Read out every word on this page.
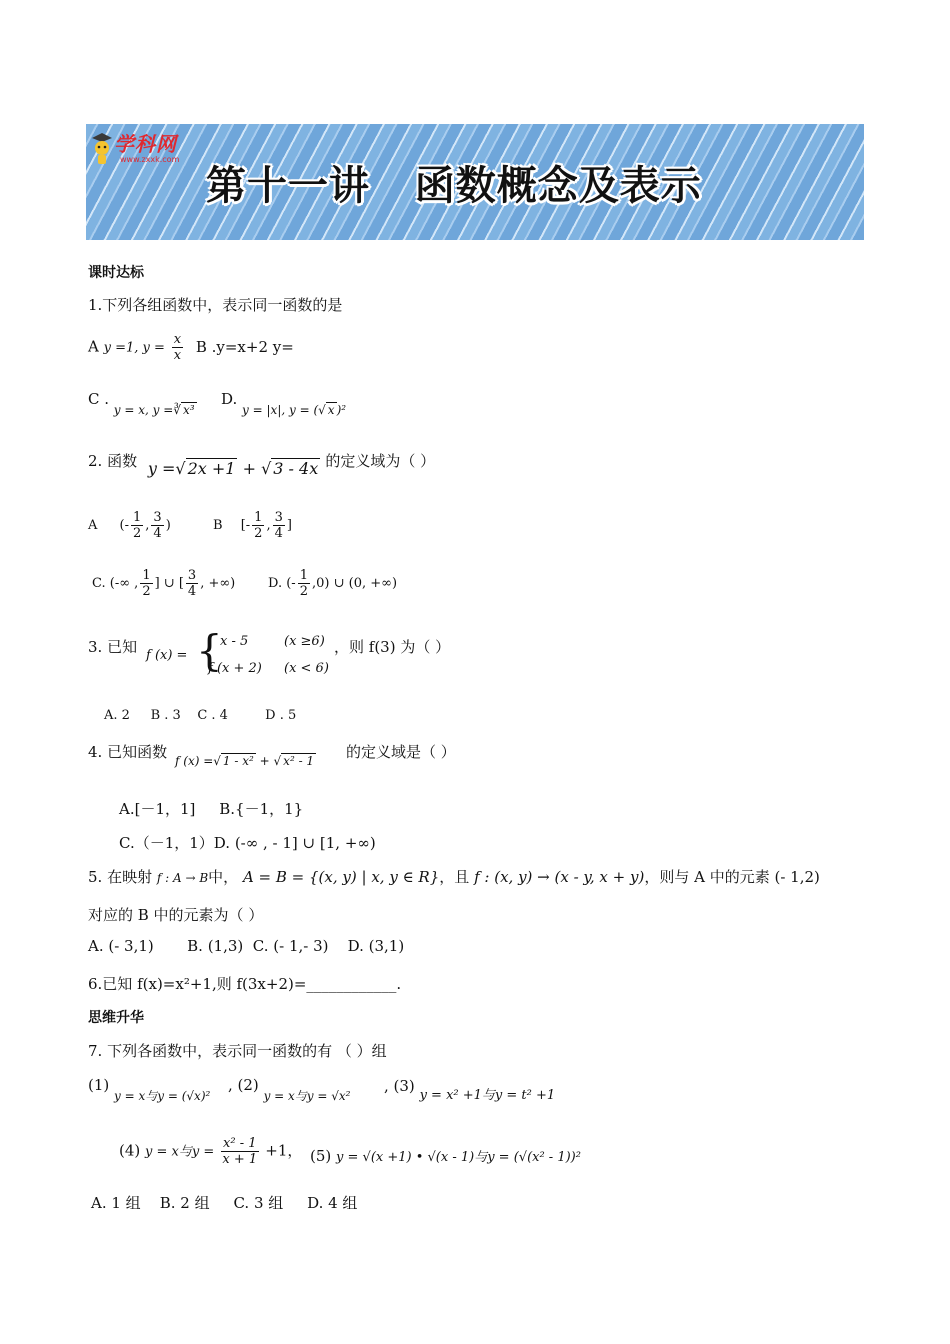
学科网
www.zxxk.com
第十一讲   函数概念及表示
课时达标
1.下列各组函数中，表示同一函数的是
A y =1, $y = \frac{x}{x}$ B .y=x+2 y=
C . $_{y = x, y =∛ x^3}$
D. $_{y = |x|, y = (√ x )^2}$
2. 函数 y =√ 2x +1 + √ 3 - 4x 的定义域为（ ）
A (- $\frac{1}{2}$ , $\frac{3}{4}$ )	B [- $\frac{1}{2}$ , $\frac{3}{4}$ ]
C. (-∞ , $\frac{1}{2}$ ] ∪ [ $\frac{3}{4}$ , +∞)	D. (- $\frac{1}{2} ,0$) ∪ (0, +∞)
3. 已知 f (x) = {
x - 5	(x ≥6)
f (x + 2) (x < 6)
，则 f(3) 为（ ）
A. 2     B . 3    C . 4         D . 5
4. 已知函数 f (x) =√ 1 - x² + √ x² - 1 的定义域是（ ）
A.[－1，1]     B.{－1，1}
C.（－1，1）D. (-∞ , - 1] ∪ [1, +∞)
5. 在映射 f : A → B中， A = B = {(x, y) | x, y ∈ R}，且 f : (x, y) → (x - y, x + y)，则与 A 中的元素 (- 1,2)
对应的 B 中的元素为（ ）
A. (- 3,1)       B. (1,3)  C. (- 1,- 3)    D. (3,1)
6.已知 f(x)=x²+1,则 f(3x+2)=____________.
思维升华
7. 下列各函数中，表示同一函数的有 （ ）组
(1) $_{y = x与y = (√x)^2}$
, (2) $_{y = x与y = √x^2}$
, (3) y = x² +1与y = t² +1
(4) y = x与$y = \frac{\text{x² - 1}}{x + 1} +1$， (5) y = √(x +1) • √(x - 1)与y = (√(x² - 1))²
A. 1 组    B. 2 组     C. 3 组     D. 4 组
